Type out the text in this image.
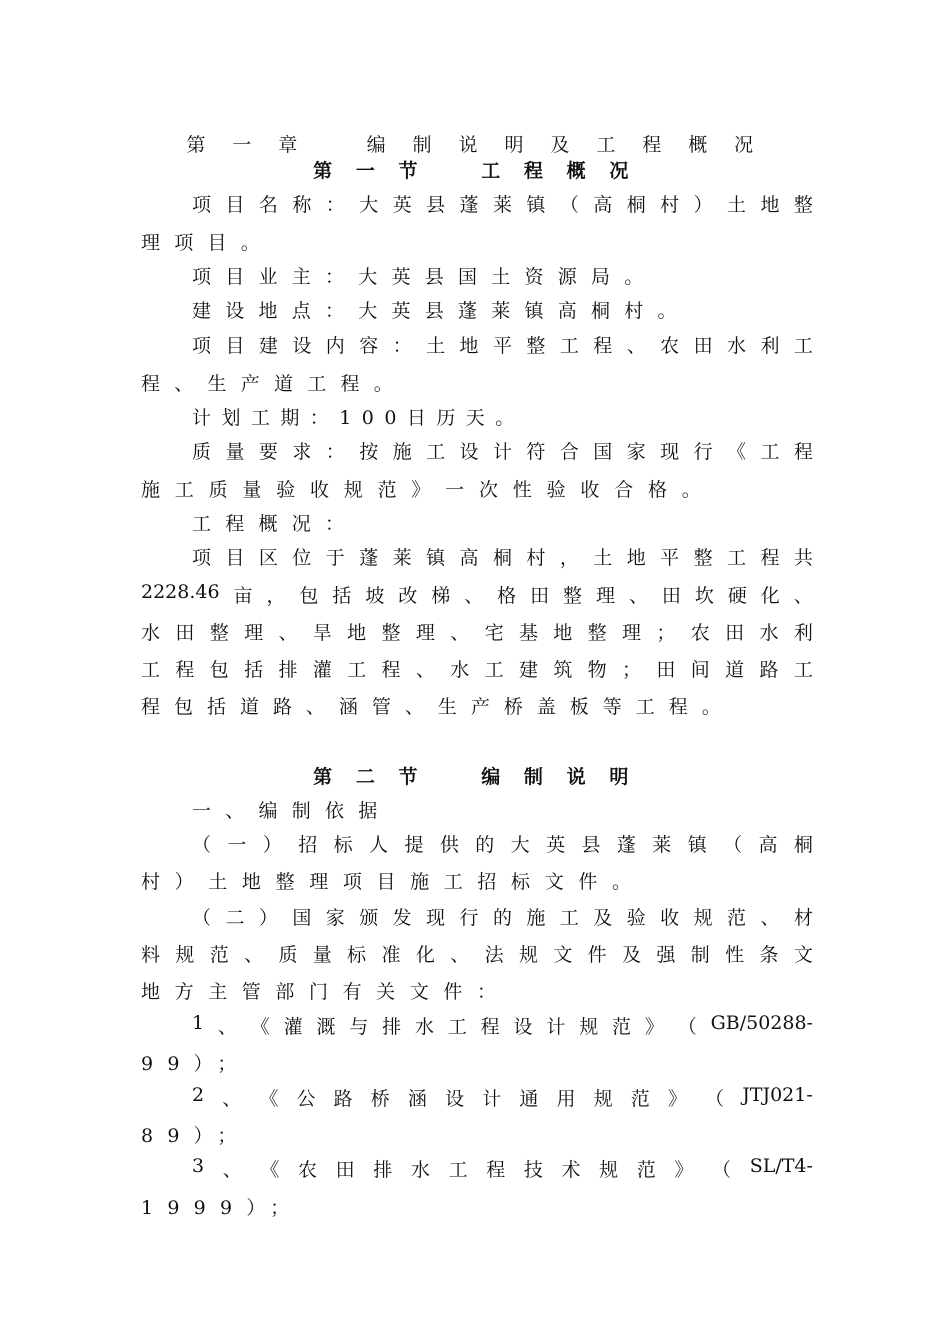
第 一 章　　编 制 说 明 及 工 程 概 况
第 一 节　　工 程 概 况
项 目 名 称 ： 大 英 县 蓬 莱 镇 （ 高 桐 村 ） 土 地 整
理项目。
项目业主：大英县国土资源局。
建设地点：大英县蓬莱镇高桐村。
项 目 建 设 内 容 ： 土 地 平 整 工 程 、 农 田 水 利 工
程、生产道工程。
计划工期：100日历天。
质 量 要 求 ： 按 施 工 设 计 符 合 国 家 现 行 《 工 程
施 工 质 量 验 收 规 范 》 一 次 性 验 收 合 格 。
工程概况：
项 目 区 位 于 蓬 莱 镇 高 桐 村 ， 土 地 平 整 工 程 共
2228.46 亩 ， 包 括 坡 改 梯 、 格 田 整 理 、 田 坎 硬 化 、
水 田 整 理 、 旱 地 整 理 、 宅 基 地 整 理 ； 农 田 水 利
工 程 包 括 排 灌 工 程 、 水 工 建 筑 物 ； 田 间 道 路 工
程 包 括 道 路 、 涵 管 、 生 产 桥 盖 板 等 工 程 。
第 二 节　　编 制 说 明
一、编制依据
（ 一 ） 招 标 人 提 供 的 大 英 县 蓬 莱 镇 （ 高 桐
村 ） 土 地 整 理 项 目 施 工 招 标 文 件 。
（ 二 ） 国 家 颁 发 现 行 的 施 工 及 验 收 规 范 、 材
料 规 范 、 质 量 标 准 化 、 法 规 文 件 及 强 制 性 条 文
地 方 主 管 部 门 有 关 文 件 ：
1 、 《 灌 溉 与 排 水 工 程 设 计 规 范 》 （ GB/50288-
99）；
2 、 《 公 路 桥 涵 设 计 通 用 规 范 》 （ JTJ021-
89）；
3 、 《 农 田 排 水 工 程 技 术 规 范 》 （ SL/T4-
1999）；
